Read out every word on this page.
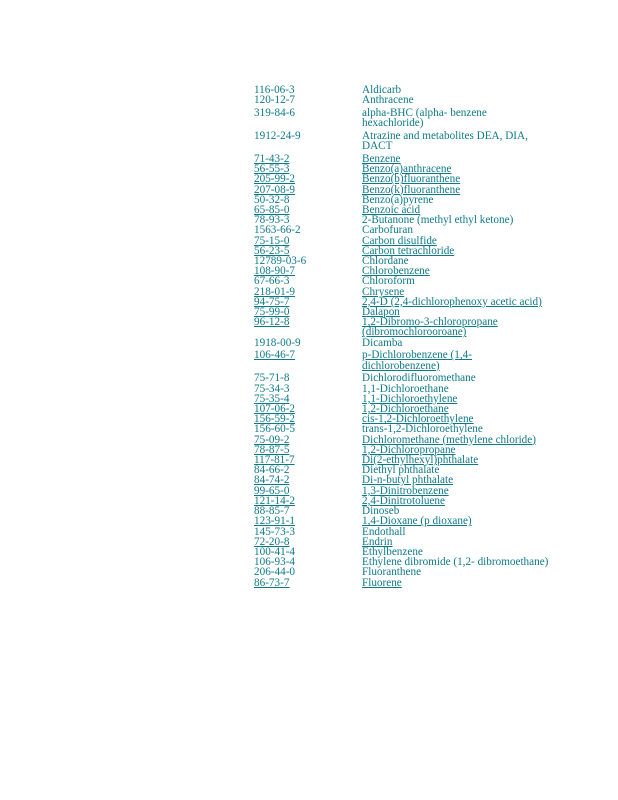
116-06-3	Aldicarb
120-12-7	Anthracene
319-84-6	alpha-BHC (alpha- benzene hexachloride)
1912-24-9	Atrazine and metabolites DEA, DIA, DACT
71-43-2	Benzene
56-55-3	Benzo(a)anthracene
205-99-2	Benzo(b)fluoranthene
207-08-9	Benzo(k)fluoranthene
50-32-8	Benzo(a)pyrene
65-85-0	Benzoic acid
78-93-3	2-Butanone (methyl ethyl ketone)
1563-66-2	Carbofuran
75-15-0	Carbon disulfide
56-23-5	Carbon tetrachloride
12789-03-6	Chlordane
108-90-7	Chlorobenzene
67-66-3	Chloroform
218-01-9	Chrysene
94-75-7	2,4-D (2,4-dichlorophenoxy acetic acid)
75-99-0	Dalapon
96-12-8	1,2-Dibromo-3-chloropropane (dibromochlorooroane)
1918-00-9	Dicamba
106-46-7	p-Dichlorobenzene (1,4- dichlorobenzene)
75-71-8	Dichlorodifluoromethane
75-34-3	1,1-Dichloroethane
75-35-4	1,1-Dichloroethylene
107-06-2	1,2-Dichloroethane
156-59-2	cis-1,2-Dichloroethylene
156-60-5	trans-1,2-Dichloroethylene
75-09-2	Dichloromethane (methylene chloride)
78-87-5	1,2-Dichloropropane
117-81-7	Di(2-ethylhexyl)phthalate
84-66-2	Diethyl phthalate
84-74-2	Di-n-butyl phthalate
99-65-0	1,3-Dinitrobenzene
121-14-2	2,4-Dinitrotoluene
88-85-7	Dinoseb
123-91-1	1,4-Dioxane (p dioxane)
145-73-3	Endothall
72-20-8	Endrin
100-41-4	Ethylbenzene
106-93-4	Ethylene dibromide (1,2- dibromoethane)
206-44-0	Fluoranthene
86-73-7	Fluorene
